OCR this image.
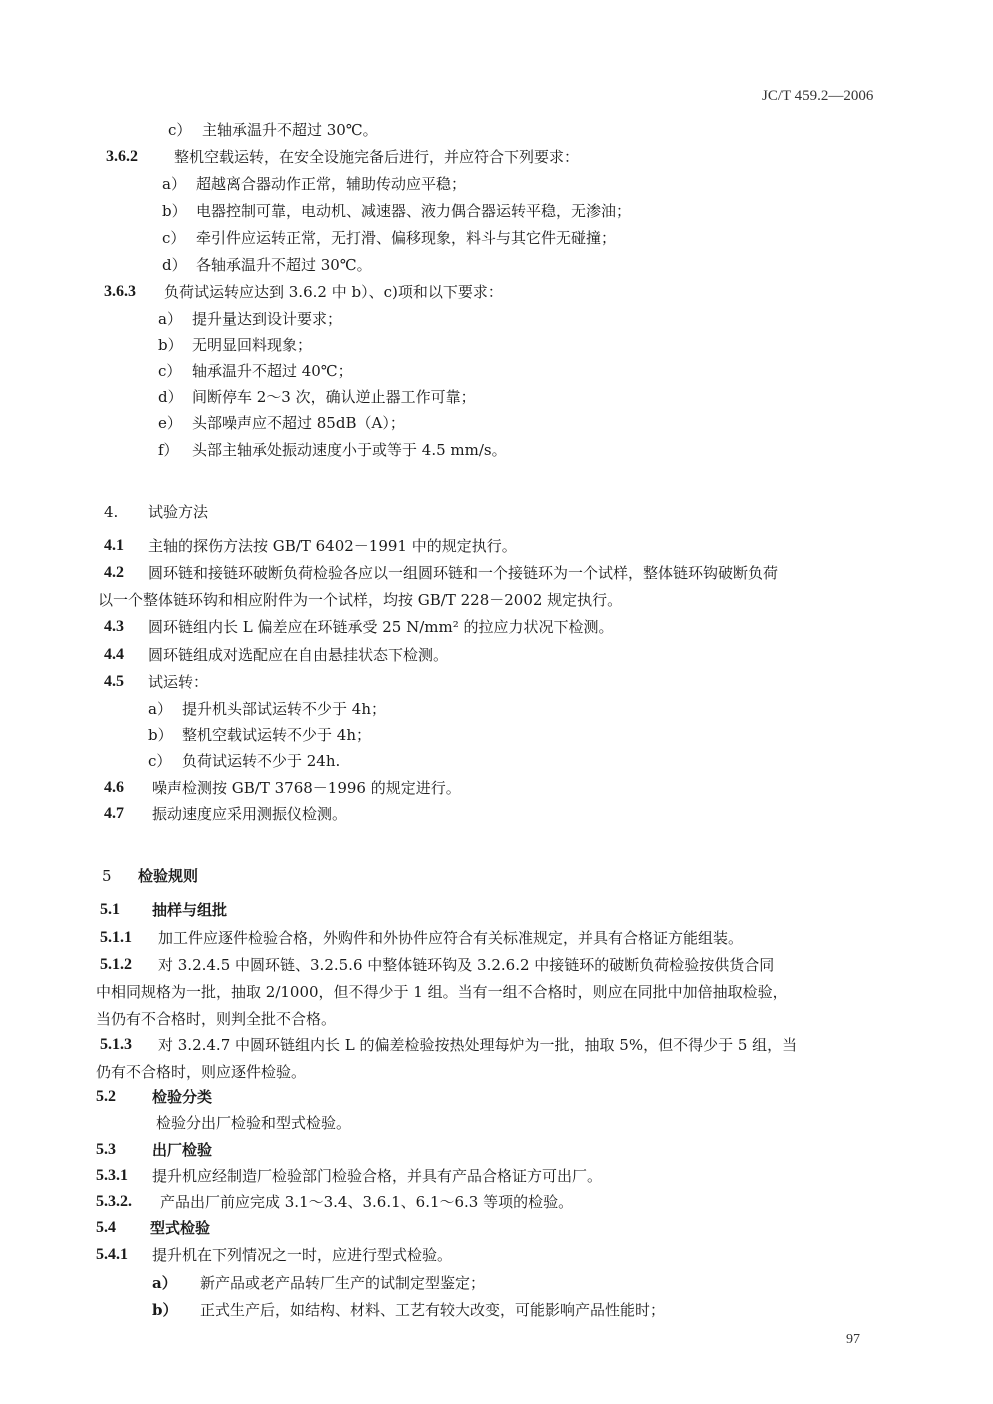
JC/T 459.2—2006
c） 主轴承温升不超过 30℃。
3.6.2 整机空载运转，在安全设施完备后进行，并应符合下列要求：
a） 超越离合器动作正常，辅助传动应平稳；
b） 电器控制可靠，电动机、减速器、液力偶合器运转平稳，无渗油；
c） 牵引件应运转正常，无打滑、偏移现象，料斗与其它件无碰撞；
d） 各轴承温升不超过 30℃。
3.6.3 负荷试运转应达到 3.6.2 中 b）、c)项和以下要求：
a） 提升量达到设计要求；
b） 无明显回料现象；
c） 轴承温升不超过 40℃；
d） 间断停车 2～3 次，确认逆止器工作可靠；
e） 头部噪声应不超过 85dB（A）；
f） 头部主轴承处振动速度小于或等于 4.5 mm/s。
4. 试验方法
4.1 主轴的探伤方法按 GB/T 6402－1991 中的规定执行。
4.2 圆环链和接链环破断负荷检验各应以一组圆环链和一个接链环为一个试样，整体链环钩破断负荷
以一个整体链环钩和相应附件为一个试样，均按 GB/T 228－2002 规定执行。
4.3 圆环链组内长 L 偏差应在环链承受 25 N/mm² 的拉应力状况下检测。
4.4 圆环链组成对选配应在自由悬挂状态下检测。
4.5 试运转：
a） 提升机头部试运转不少于 4h；
b） 整机空载试运转不少于 4h；
c） 负荷试运转不少于 24h.
4.6 噪声检测按 GB/T 3768－1996 的规定进行。
4.7 振动速度应采用测振仪检测。
5 检验规则
5.1 抽样与组批
5.1.1 加工件应逐件检验合格，外购件和外协件应符合有关标准规定，并具有合格证方能组装。
5.1.2 对 3.2.4.5 中圆环链、3.2.5.6 中整体链环钩及 3.2.6.2 中接链环的破断负荷检验按供货合同
中相同规格为一批，抽取 2/1000，但不得少于 1 组。当有一组不合格时，则应在同批中加倍抽取检验，
当仍有不合格时，则判全批不合格。
5.1.3 对 3.2.4.7 中圆环链组内长 L 的偏差检验按热处理每炉为一批，抽取 5%，但不得少于 5 组，当
仍有不合格时，则应逐件检验。
5.2 检验分类
检验分出厂检验和型式检验。
5.3 出厂检验
5.3.1 提升机应经制造厂检验部门检验合格，并具有产品合格证方可出厂。
5.3.2. 产品出厂前应完成 3.1～3.4、3.6.1、6.1～6.3 等项的检验。
5.4 型式检验
5.4.1 提升机在下列情况之一时，应进行型式检验。
a） 新产品或老产品转厂生产的试制定型鉴定；
b） 正式生产后，如结构、材料、工艺有较大改变，可能影响产品性能时；
97
